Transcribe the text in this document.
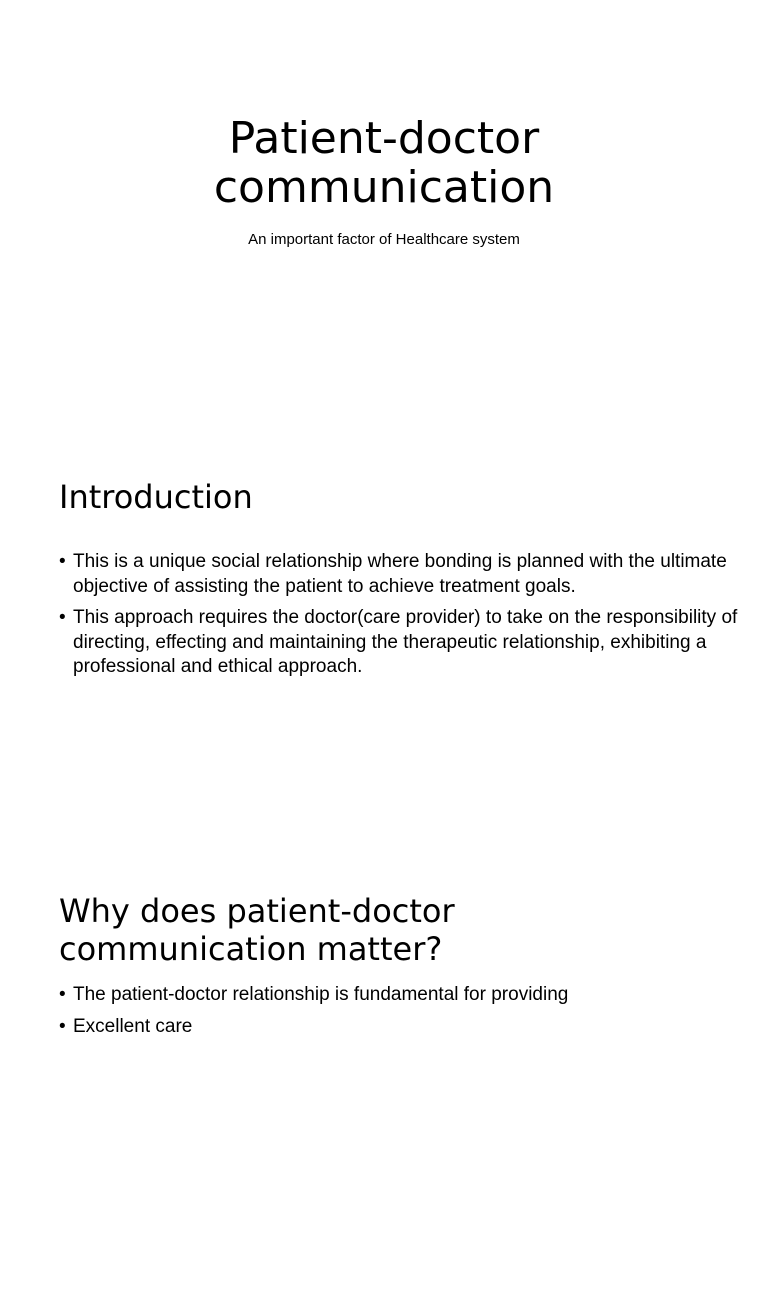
Patient-doctor
communication

An important factor of Healthcare system

Introduction
• This is a unique social relationship where bonding is planned with the ultimate objective of assisting the patient to achieve treatment goals.
• This approach requires the doctor(care provider) to take on the responsibility of directing, effecting and maintaining the therapeutic relationship, exhibiting a professional and ethical approach.
Why does patient-doctor
communication matter?
• The patient-doctor relationship is fundamental for providing
• Excellent care
